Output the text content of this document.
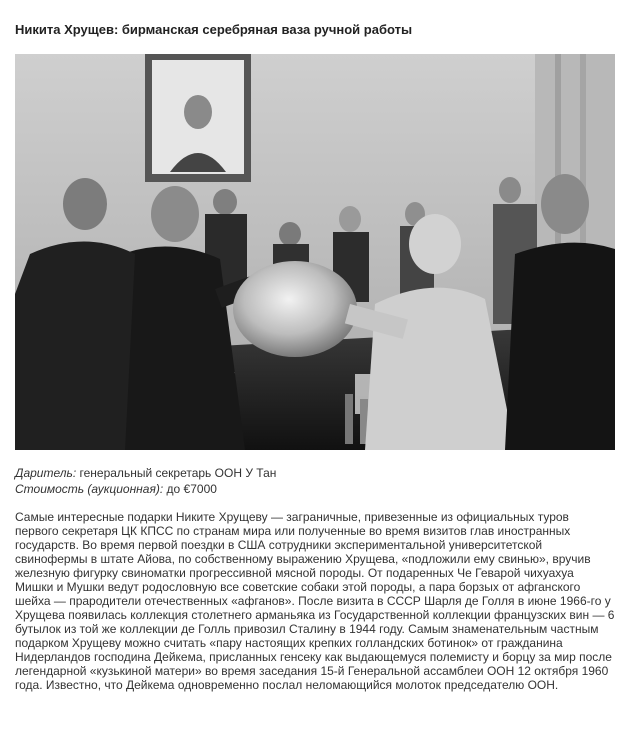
Никита Хрущев: бирманская серебряная ваза ручной работы
Даритель: генеральный секретарь ООН У Тан
Стоимость (аукционная): до €7000
Самые интересные подарки Никите Хрущеву — заграничные, привезенные из официальных туров первого секретаря ЦК КПСС по странам мира или полученные во время визитов глав иностранных государств. Во время первой поездки в США сотрудники экспериментальной университетской свинофермы в штате Айова, по собственному выражению Хрущева, «подложили ему свинью», вручив железную фигурку свиноматки прогрессивной мясной породы. От подаренных Че Геварой чихуахуа Мишки и Мушки ведут родословную все советские собаки этой породы, а пара борзых от афганского шейха — прародители отечественных «афганов». После визита в СССР Шарля де Голля в июне 1966-го у Хрущева появилась коллекция столетнего арманьяка из Государственной коллекции французских вин — 6 бутылок из той же коллекции де Голль привозил Сталину в 1944 году. Самым знаменательным частным подарком Хрущеву можно считать «пару настоящих крепких голландских ботинок» от гражданина Нидерландов господина Дейкема, присланных генсеку как выдающемуся полемисту и борцу за мир после легендарной «кузькиной матери» во время заседания 15-й Генеральной ассамблеи ООН 12 октября 1960 года. Известно, что Дейкема одновременно послал неломающийся молоток председателю ООН.
